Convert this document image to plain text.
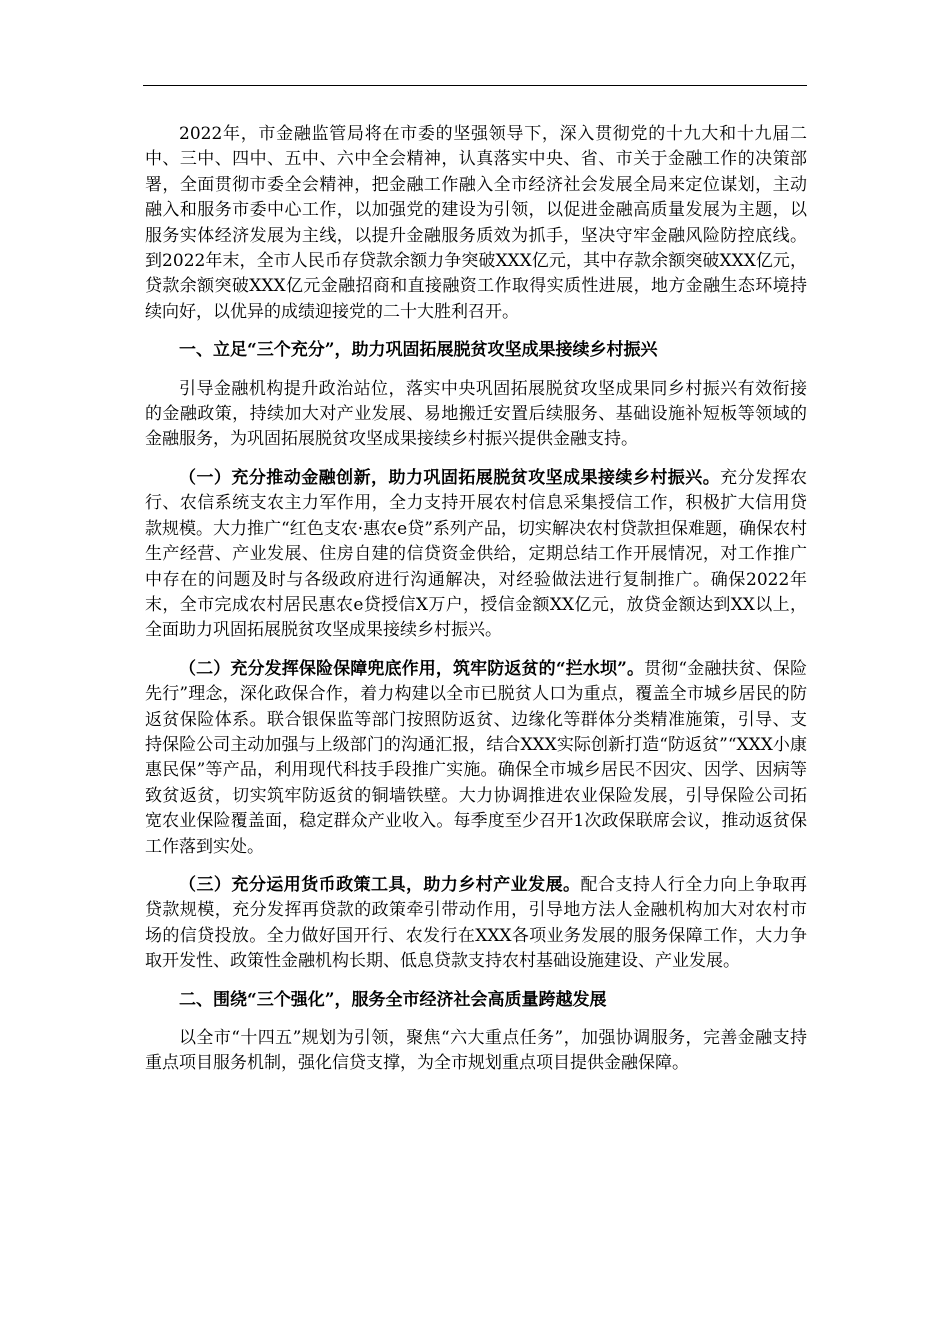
2022年，市金融监管局将在市委的坚强领导下，深入贯彻党的十九大和十九届二中、三中、四中、五中、六中全会精神，认真落实中央、省、市关于金融工作的决策部署，全面贯彻市委全会精神，把金融工作融入全市经济社会发展全局来定位谋划，主动融入和服务市委中心工作，以加强党的建设为引领，以促进金融高质量发展为主题，以服务实体经济发展为主线，以提升金融服务质效为抓手，坚决守牢金融风险防控底线。到2022年末，全市人民币存贷款余额力争突破XXX亿元，其中存款余额突破XXX亿元，贷款余额突破XXX亿元金融招商和直接融资工作取得实质性进展，地方金融生态环境持续向好，以优异的成绩迎接党的二十大胜利召开。

一、立足“三个充分”，助力巩固拓展脱贫攻坚成果接续乡村振兴

引导金融机构提升政治站位，落实中央巩固拓展脱贫攻坚成果同乡村振兴有效衔接的金融政策，持续加大对产业发展、易地搬迁安置后续服务、基础设施补短板等领域的金融服务，为巩固拓展脱贫攻坚成果接续乡村振兴提供金融支持。

（一）充分推动金融创新，助力巩固拓展脱贫攻坚成果接续乡村振兴。充分发挥农行、农信系统支农主力军作用，全力支持开展农村信息采集授信工作，积极扩大信用贷款规模。大力推广“红色支农·惠农e贷”系列产品，切实解决农村贷款担保难题，确保农村生产经营、产业发展、住房自建的信贷资金供给，定期总结工作开展情况，对工作推广中存在的问题及时与各级政府进行沟通解决，对经验做法进行复制推广。确保2022年末，全市完成农村居民惠农e贷授信X万户，授信金额XX亿元，放贷金额达到XX以上，全面助力巩固拓展脱贫攻坚成果接续乡村振兴。

（二）充分发挥保险保障兜底作用，筑牢防返贫的“拦水坝”。贯彻“金融扶贫、保险先行”理念，深化政保合作，着力构建以全市已脱贫人口为重点，覆盖全市城乡居民的防返贫保险体系。联合银保监等部门按照防返贫、边缘化等群体分类精准施策，引导、支持保险公司主动加强与上级部门的沟通汇报，结合XXX实际创新打造“防返贫”“XXX小康惠民保”等产品，利用现代科技手段推广实施。确保全市城乡居民不因灾、因学、因病等致贫返贫，切实筑牢防返贫的铜墙铁壁。大力协调推进农业保险发展，引导保险公司拓宽农业保险覆盖面，稳定群众产业收入。每季度至少召开1次政保联席会议，推动返贫保工作落到实处。

（三）充分运用货币政策工具，助力乡村产业发展。配合支持人行全力向上争取再贷款规模，充分发挥再贷款的政策牵引带动作用，引导地方法人金融机构加大对农村市场的信贷投放。全力做好国开行、农发行在XXX各项业务发展的服务保障工作，大力争取开发性、政策性金融机构长期、低息贷款支持农村基础设施建设、产业发展。

二、围绕“三个强化”，服务全市经济社会高质量跨越发展

以全市“十四五”规划为引领，聚焦“六大重点任务”，加强协调服务，完善金融支持重点项目服务机制，强化信贷支撑，为全市规划重点项目提供金融保障。
